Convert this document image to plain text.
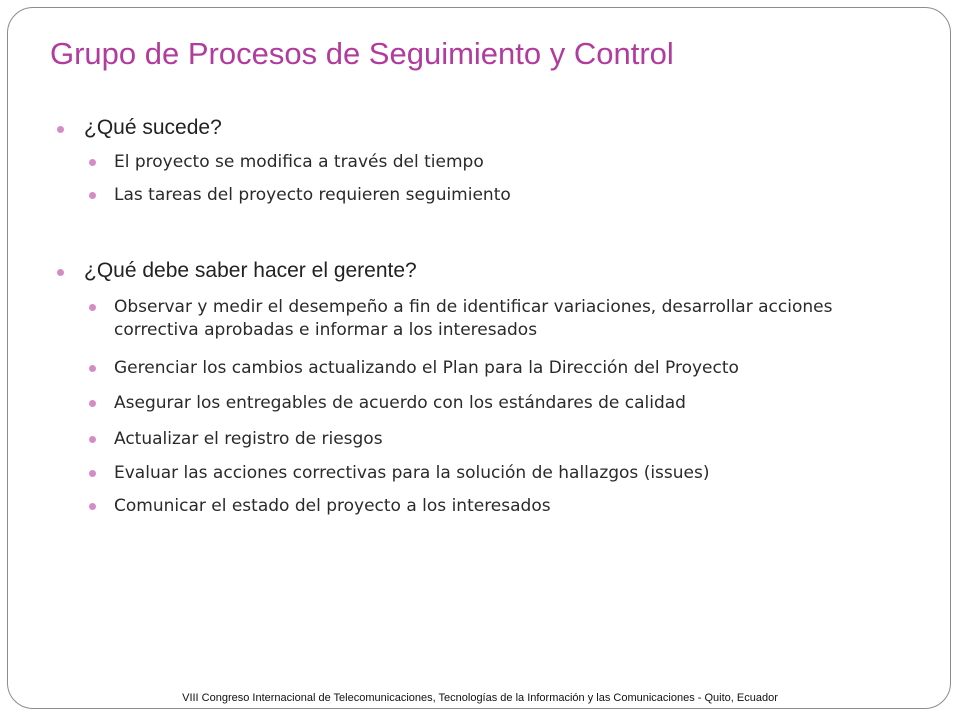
Grupo de Procesos de Seguimiento y Control
¿Qué sucede?
El proyecto se modifica a través del tiempo
Las tareas del proyecto requieren seguimiento
¿Qué debe saber hacer el gerente?
Observar y medir el desempeño a fin de identificar variaciones, desarrollar acciones correctiva aprobadas e informar a los interesados
Gerenciar los cambios actualizando el Plan para la Dirección del Proyecto
Asegurar los entregables de acuerdo con los estándares de calidad
Actualizar el registro de riesgos
Evaluar las acciones correctivas para la solución de hallazgos (issues)
Comunicar el estado del proyecto a los interesados
VIII Congreso Internacional de Telecomunicaciones, Tecnologías de la Información y las Comunicaciones - Quito, Ecuador
